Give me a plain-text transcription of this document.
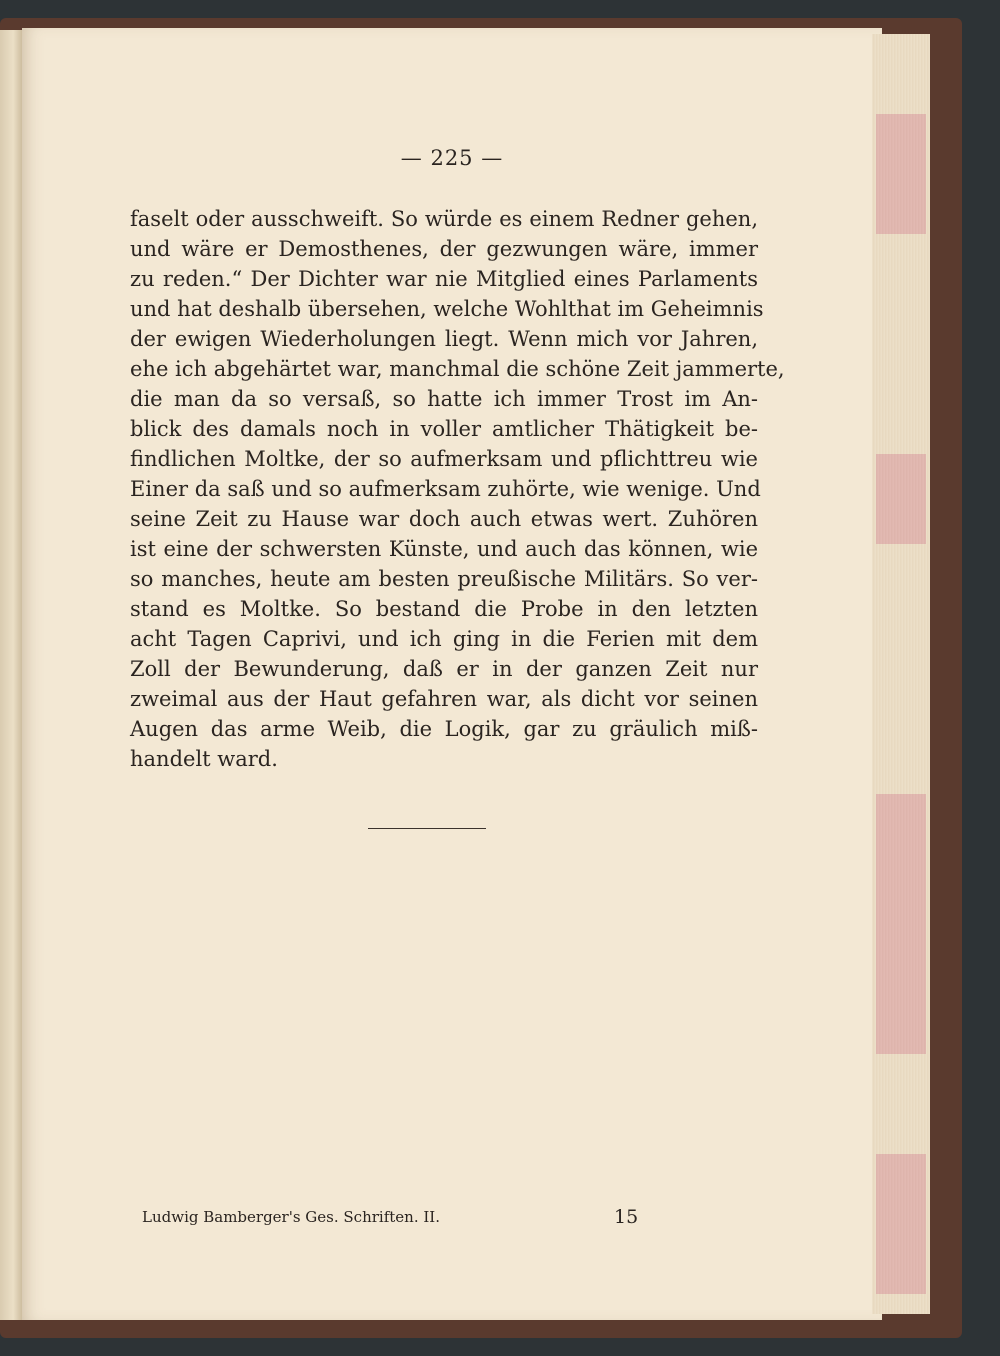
— 225 —
faselt oder ausschweift. So würde es einem Redner gehen,
und wäre er Demosthenes, der gezwungen wäre, immer
zu reden.“ Der Dichter war nie Mitglied eines Parlaments
und hat deshalb übersehen, welche Wohlthat im Geheimnis
der ewigen Wiederholungen liegt. Wenn mich vor Jahren,
ehe ich abgehärtet war, manchmal die schöne Zeit jammerte,
die man da so versaß, so hatte ich immer Trost im An-
blick des damals noch in voller amtlicher Thätigkeit be-
findlichen Moltke, der so aufmerksam und pflichttreu wie
Einer da saß und so aufmerksam zuhörte, wie wenige. Und
seine Zeit zu Hause war doch auch etwas wert. Zuhören
ist eine der schwersten Künste, und auch das können, wie
so manches, heute am besten preußische Militärs. So ver-
stand es Moltke. So bestand die Probe in den letzten
acht Tagen Caprivi, und ich ging in die Ferien mit dem
Zoll der Bewunderung, daß er in der ganzen Zeit nur
zweimal aus der Haut gefahren war, als dicht vor seinen
Augen das arme Weib, die Logik, gar zu gräulich miß-
handelt ward.
Ludwig Bamberger's Ges. Schriften. II.	15
